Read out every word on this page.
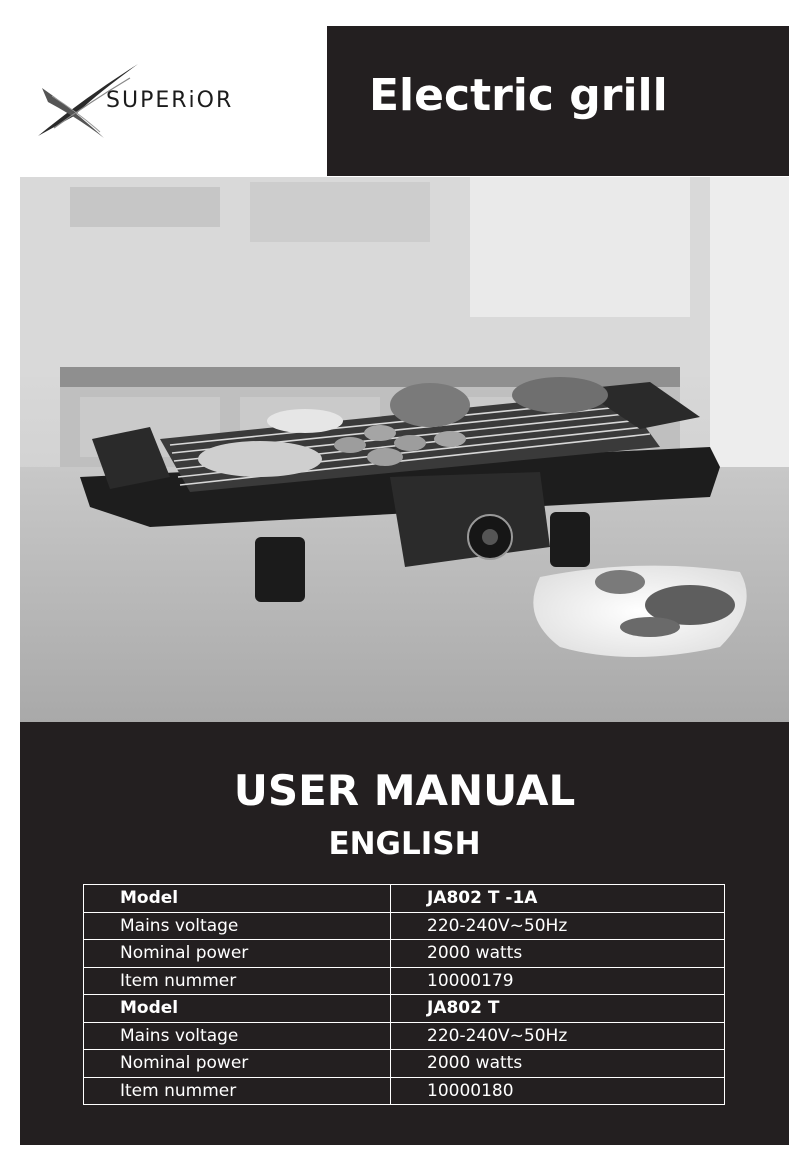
SUPERiOR	Electric grill
USER MANUAL
ENGLISH
Model	JA802 T -1A
Mains voltage	220-240V~50Hz
Nominal power	2000 watts
Item nummer	10000179
Model	JA802 T
Mains voltage	220-240V~50Hz
Nominal power	2000 watts
Item nummer	10000180
